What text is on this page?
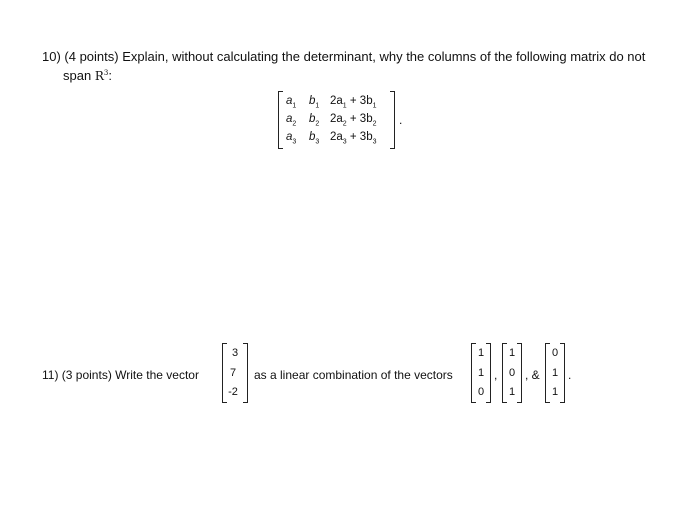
10) (4 points) Explain, without calculating the determinant, why the columns of the following matrix do not
span $R^3$:
$a_1$ $b_1$ $2a_1 + 3b_1$
$a_2$ $b_2$ $2a_2 + 3b_2$
$a_3$ $b_3$ $2a_3 + 3b_3$
.
11) (3 points) Write the vector
3
7
-2
as a linear combination of the vectors
1
1
0
,
1
0
1
, &
0
1
1
.
